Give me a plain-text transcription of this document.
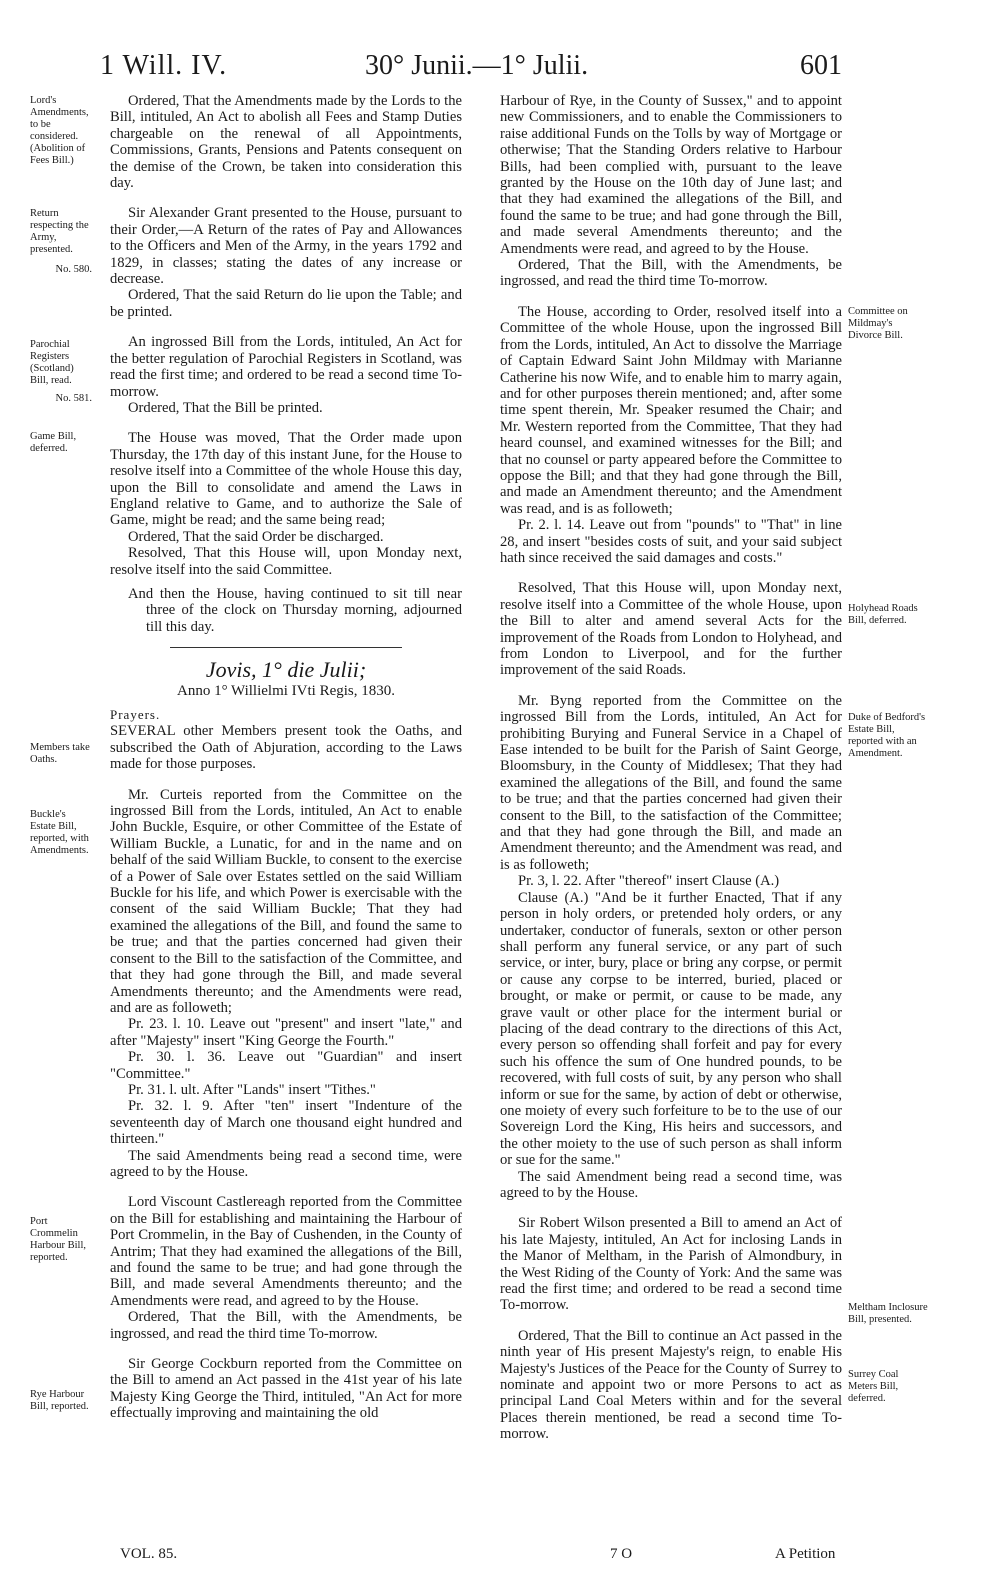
1 Will. IV.	30° Junii.—1° Julii.	601
Lord's Amendments, to be considered. (Abolition of Fees Bill.)
Return respecting the Army, presented.
No. 580.
Parochial Registers (Scotland) Bill, read.
No. 581.
Game Bill, deferred.
Members take Oaths.
Buckle's Estate Bill, reported, with Amendments.
Port Crommelin Harbour Bill, reported.
Rye Harbour Bill, reported.
Committee on Mildmay's Divorce Bill.
Holyhead Roads Bill, deferred.
Duke of Bedford's Estate Bill, reported with an Amendment.
Meltham Inclosure Bill, presented.
Surrey Coal Meters Bill, deferred.

Ordered, That the Amendments made by the Lords to the Bill, intituled, An Act to abolish all Fees and Stamp Duties chargeable on the renewal of all Appointments, Commissions, Grants, Pensions and Patents consequent on the demise of the Crown, be taken into consideration this day.

Sir Alexander Grant presented to the House, pursuant to their Order,—A Return of the rates of Pay and Allowances to the Officers and Men of the Army, in the years 1792 and 1829, in classes; stating the dates of any increase or decrease.

Ordered, That the said Return do lie upon the Table; and be printed.

An ingrossed Bill from the Lords, intituled, An Act for the better regulation of Parochial Registers in Scotland, was read the first time; and ordered to be read a second time To-morrow.

Ordered, That the Bill be printed.

The House was moved, That the Order made upon Thursday, the 17th day of this instant June, for the House to resolve itself into a Committee of the whole House this day, upon the Bill to consolidate and amend the Laws in England relative to Game, and to authorize the Sale of Game, might be read; and the same being read;

Ordered, That the said Order be discharged.

Resolved, That this House will, upon Monday next, resolve itself into the said Committee.

And then the House, having continued to sit till near three of the clock on Thursday morning, adjourned till this day.

Jovis, 1° die Julii;
Anno 1° Willielmi IVti Regis, 1830.
Prayers.

SEVERAL other Members present took the Oaths, and subscribed the Oath of Abjuration, according to the Laws made for those purposes.

Mr. Curteis reported from the Committee on the ingrossed Bill from the Lords, intituled, An Act to enable John Buckle, Esquire, or other Committee of the Estate of William Buckle, a Lunatic, for and in the name and on behalf of the said William Buckle, to consent to the exercise of a Power of Sale over Estates settled on the said William Buckle for his life, and which Power is exercisable with the consent of the said William Buckle; That they had examined the allegations of the Bill, and found the same to be true; and that the parties concerned had given their consent to the Bill to the satisfaction of the Committee, and that they had gone through the Bill, and made several Amendments thereunto; and the Amendments were read, and are as followeth;

Pr. 23. l. 10. Leave out "present" and insert "late," and after "Majesty" insert "King George the Fourth."

Pr. 30. l. 36. Leave out "Guardian" and insert "Committee."

Pr. 31. l. ult. After "Lands" insert "Tithes."

Pr. 32. l. 9. After "ten" insert "Indenture of the seventeenth day of March one thousand eight hundred and thirteen."

The said Amendments being read a second time, were agreed to by the House.

Lord Viscount Castlereagh reported from the Committee on the Bill for establishing and maintaining the Harbour of Port Crommelin, in the Bay of Cushenden, in the County of Antrim; That they had examined the allegations of the Bill, and found the same to be true; and had gone through the Bill, and made several Amendments thereunto; and the Amendments were read, and agreed to by the House.

Ordered, That the Bill, with the Amendments, be ingrossed, and read the third time To-morrow.

Sir George Cockburn reported from the Committee on the Bill to amend an Act passed in the 41st year of his late Majesty King George the Third, intituled, "An Act for more effectually improving and maintaining the old

Harbour of Rye, in the County of Sussex," and to appoint new Commissioners, and to enable the Commissioners to raise additional Funds on the Tolls by way of Mortgage or otherwise; That the Standing Orders relative to Harbour Bills, had been complied with, pursuant to the leave granted by the House on the 10th day of June last; and that they had examined the allegations of the Bill, and found the same to be true; and had gone through the Bill, and made several Amendments thereunto; and the Amendments were read, and agreed to by the House.

Ordered, That the Bill, with the Amendments, be ingrossed, and read the third time To-morrow.

The House, according to Order, resolved itself into a Committee of the whole House, upon the ingrossed Bill from the Lords, intituled, An Act to dissolve the Marriage of Captain Edward Saint John Mildmay with Marianne Catherine his now Wife, and to enable him to marry again, and for other purposes therein mentioned; and, after some time spent therein, Mr. Speaker resumed the Chair; and Mr. Western reported from the Committee, That they had heard counsel, and examined witnesses for the Bill; and that no counsel or party appeared before the Committee to oppose the Bill; and that they had gone through the Bill, and made an Amendment thereunto; and the Amendment was read, and is as followeth;

Pr. 2. l. 14. Leave out from "pounds" to "That" in line 28, and insert "besides costs of suit, and your said subject hath since received the said damages and costs."

Resolved, That this House will, upon Monday next, resolve itself into a Committee of the whole House, upon the Bill to alter and amend several Acts for the improvement of the Roads from London to Holyhead, and from London to Liverpool, and for the further improvement of the said Roads.

Mr. Byng reported from the Committee on the ingrossed Bill from the Lords, intituled, An Act for prohibiting Burying and Funeral Service in a Chapel of Ease intended to be built for the Parish of Saint George, Bloomsbury, in the County of Middlesex; That they had examined the allegations of the Bill, and found the same to be true; and that the parties concerned had given their consent to the Bill, to the satisfaction of the Committee; and that they had gone through the Bill, and made an Amendment thereunto; and the Amendment was read, and is as followeth;

Pr. 3, l. 22. After "thereof" insert Clause (A.)

Clause (A.) "And be it further Enacted, That if any person in holy orders, or pretended holy orders, or any undertaker, conductor of funerals, sexton or other person shall perform any funeral service, or any part of such service, or inter, bury, place or bring any corpse, or permit or cause any corpse to be interred, buried, placed or brought, or make or permit, or cause to be made, any grave vault or other place for the interment burial or placing of the dead contrary to the directions of this Act, every person so offending shall forfeit and pay for every such his offence the sum of One hundred pounds, to be recovered, with full costs of suit, by any person who shall inform or sue for the same, by action of debt or otherwise, one moiety of every such forfeiture to be to the use of our Sovereign Lord the King, His heirs and successors, and the other moiety to the use of such person as shall inform or sue for the same."

The said Amendment being read a second time, was agreed to by the House.

Sir Robert Wilson presented a Bill to amend an Act of his late Majesty, intituled, An Act for inclosing Lands in the Manor of Meltham, in the Parish of Almondbury, in the West Riding of the County of York: And the same was read the first time; and ordered to be read a second time To-morrow.

Ordered, That the Bill to continue an Act passed in the ninth year of His present Majesty's reign, to enable His Majesty's Justices of the Peace for the County of Surrey to nominate and appoint two or more Persons to act as principal Land Coal Meters within and for the several Places therein mentioned, be read a second time To-morrow.

VOL. 85.	7 O	A Petition
